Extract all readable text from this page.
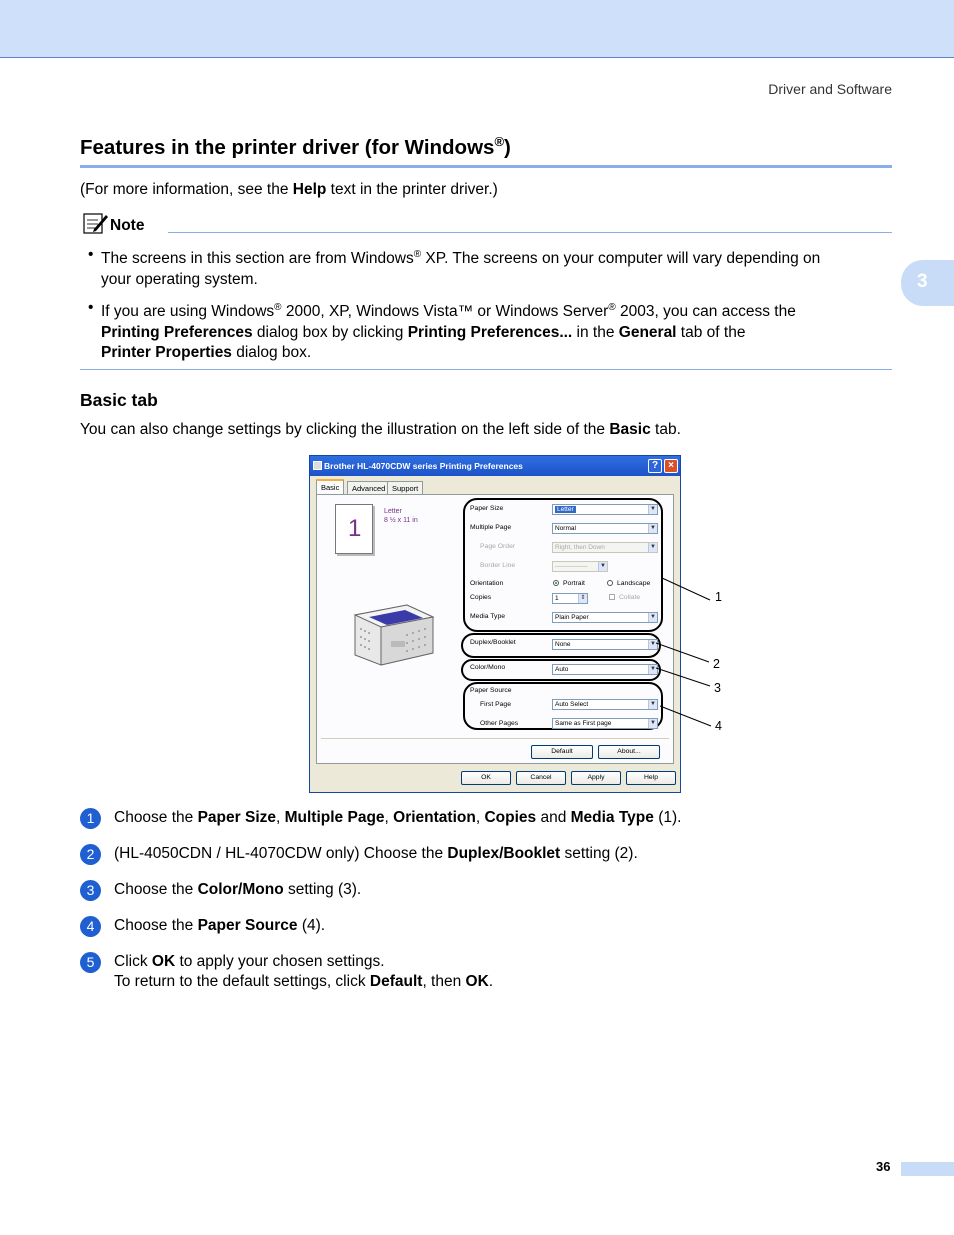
Driver and Software
3
Features in the printer driver (for Windows®)
(For more information, see the Help text in the printer driver.)
Note
• The screens in this section are from Windows® XP. The screens on your computer will vary depending on
your operating system.
• If you are using Windows® 2000, XP, Windows Vista™ or Windows Server® 2003, you can access the
Printing Preferences dialog box by clicking Printing Preferences... in the General tab of the
Printer Properties dialog box.
Basic tab
You can also change settings by clicking the illustration on the left side of the Basic tab.
Brother HL-4070CDW series Printing Preferences	?	×
Basic	Advanced Support
1
Letter
8 ½ x 11 in
Paper Size	Letter	▼
Multiple Page	Normal	▼
Page Order	Right, then Down	▼
Border Line	—————	▼
Orientation	Portrait	Landscape
Copies	1	⇕	Collate
Media Type	Plain Paper	▼
Duplex/Booklet	None	▼
Color/Mono	Auto	▼
Paper Source
First Page	Auto Select	▼
Other Pages	Same as First page	▼
Default	About...
OK	Cancel	Apply	Help
1
2
3
4
1	Choose the Paper Size, Multiple Page, Orientation, Copies and Media Type (1).
2	(HL-4050CDN / HL-4070CDW only) Choose the Duplex/Booklet setting (2).
3	Choose the Color/Mono setting (3).
4	Choose the Paper Source (4).
5	Click OK to apply your chosen settings.
To return to the default settings, click Default, then OK.
36
